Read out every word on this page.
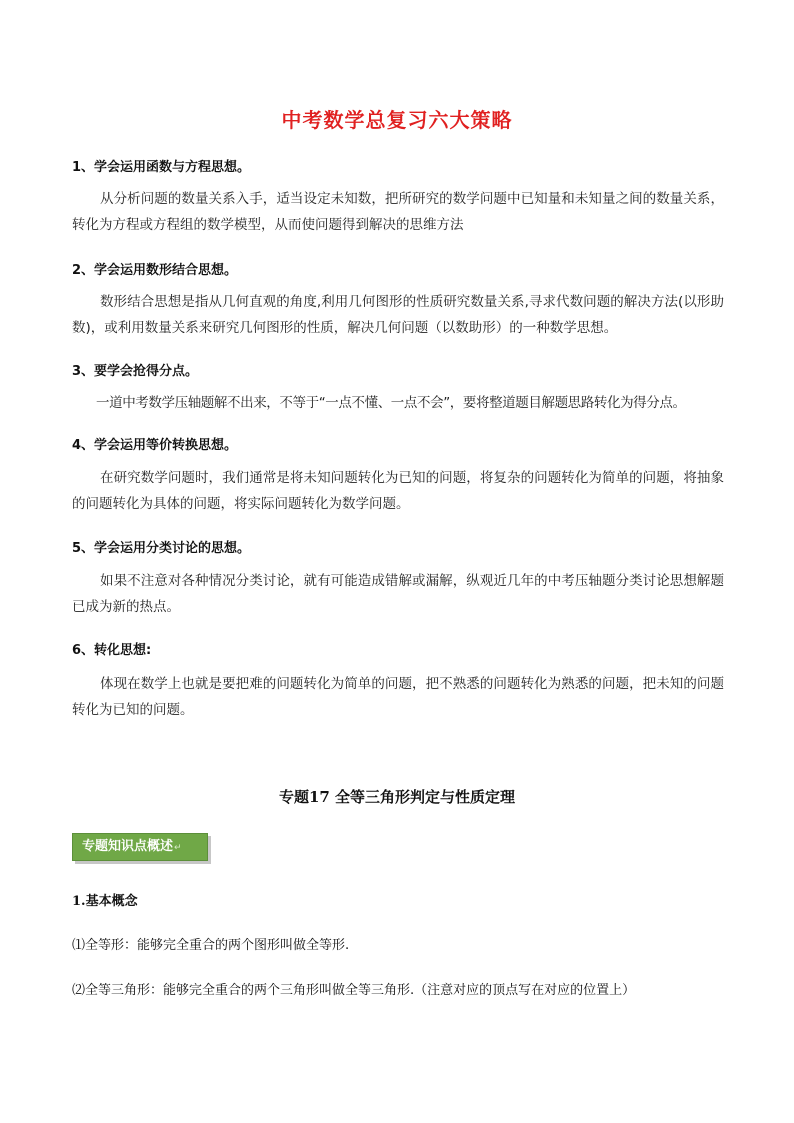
中考数学总复习六大策略
1、学会运用函数与方程思想。

从分析问题的数量关系入手，适当设定未知数，把所研究的数学问题中已知量和未知量之间的数量关系，转化为方程或方程组的数学模型，从而使问题得到解决的思维方法

2、学会运用数形结合思想。

数形结合思想是指从几何直观的角度,利用几何图形的性质研究数量关系,寻求代数问题的解决方法(以形助数)，或利用数量关系来研究几何图形的性质，解决几何问题（以数助形）的一种数学思想。

3、要学会抢得分点。

一道中考数学压轴题解不出来，不等于“一点不懂、一点不会”，要将整道题目解题思路转化为得分点。

4、学会运用等价转换思想。

在研究数学问题时，我们通常是将未知问题转化为已知的问题，将复杂的问题转化为简单的问题，将抽象的问题转化为具体的问题，将实际问题转化为数学问题。

5、学会运用分类讨论的思想。

如果不注意对各种情况分类讨论，就有可能造成错解或漏解，纵观近几年的中考压轴题分类讨论思想解题已成为新的热点。

6、转化思想:

体现在数学上也就是要把难的问题转化为简单的问题，把不熟悉的问题转化为熟悉的问题，把未知的问题转化为已知的问题。

专题17 全等三角形判定与性质定理
专题知识点概述↵
1.基本概念
⑴全等形：能够完全重合的两个图形叫做全等形.
⑵全等三角形：能够完全重合的两个三角形叫做全等三角形.（注意对应的顶点写在对应的位置上）
